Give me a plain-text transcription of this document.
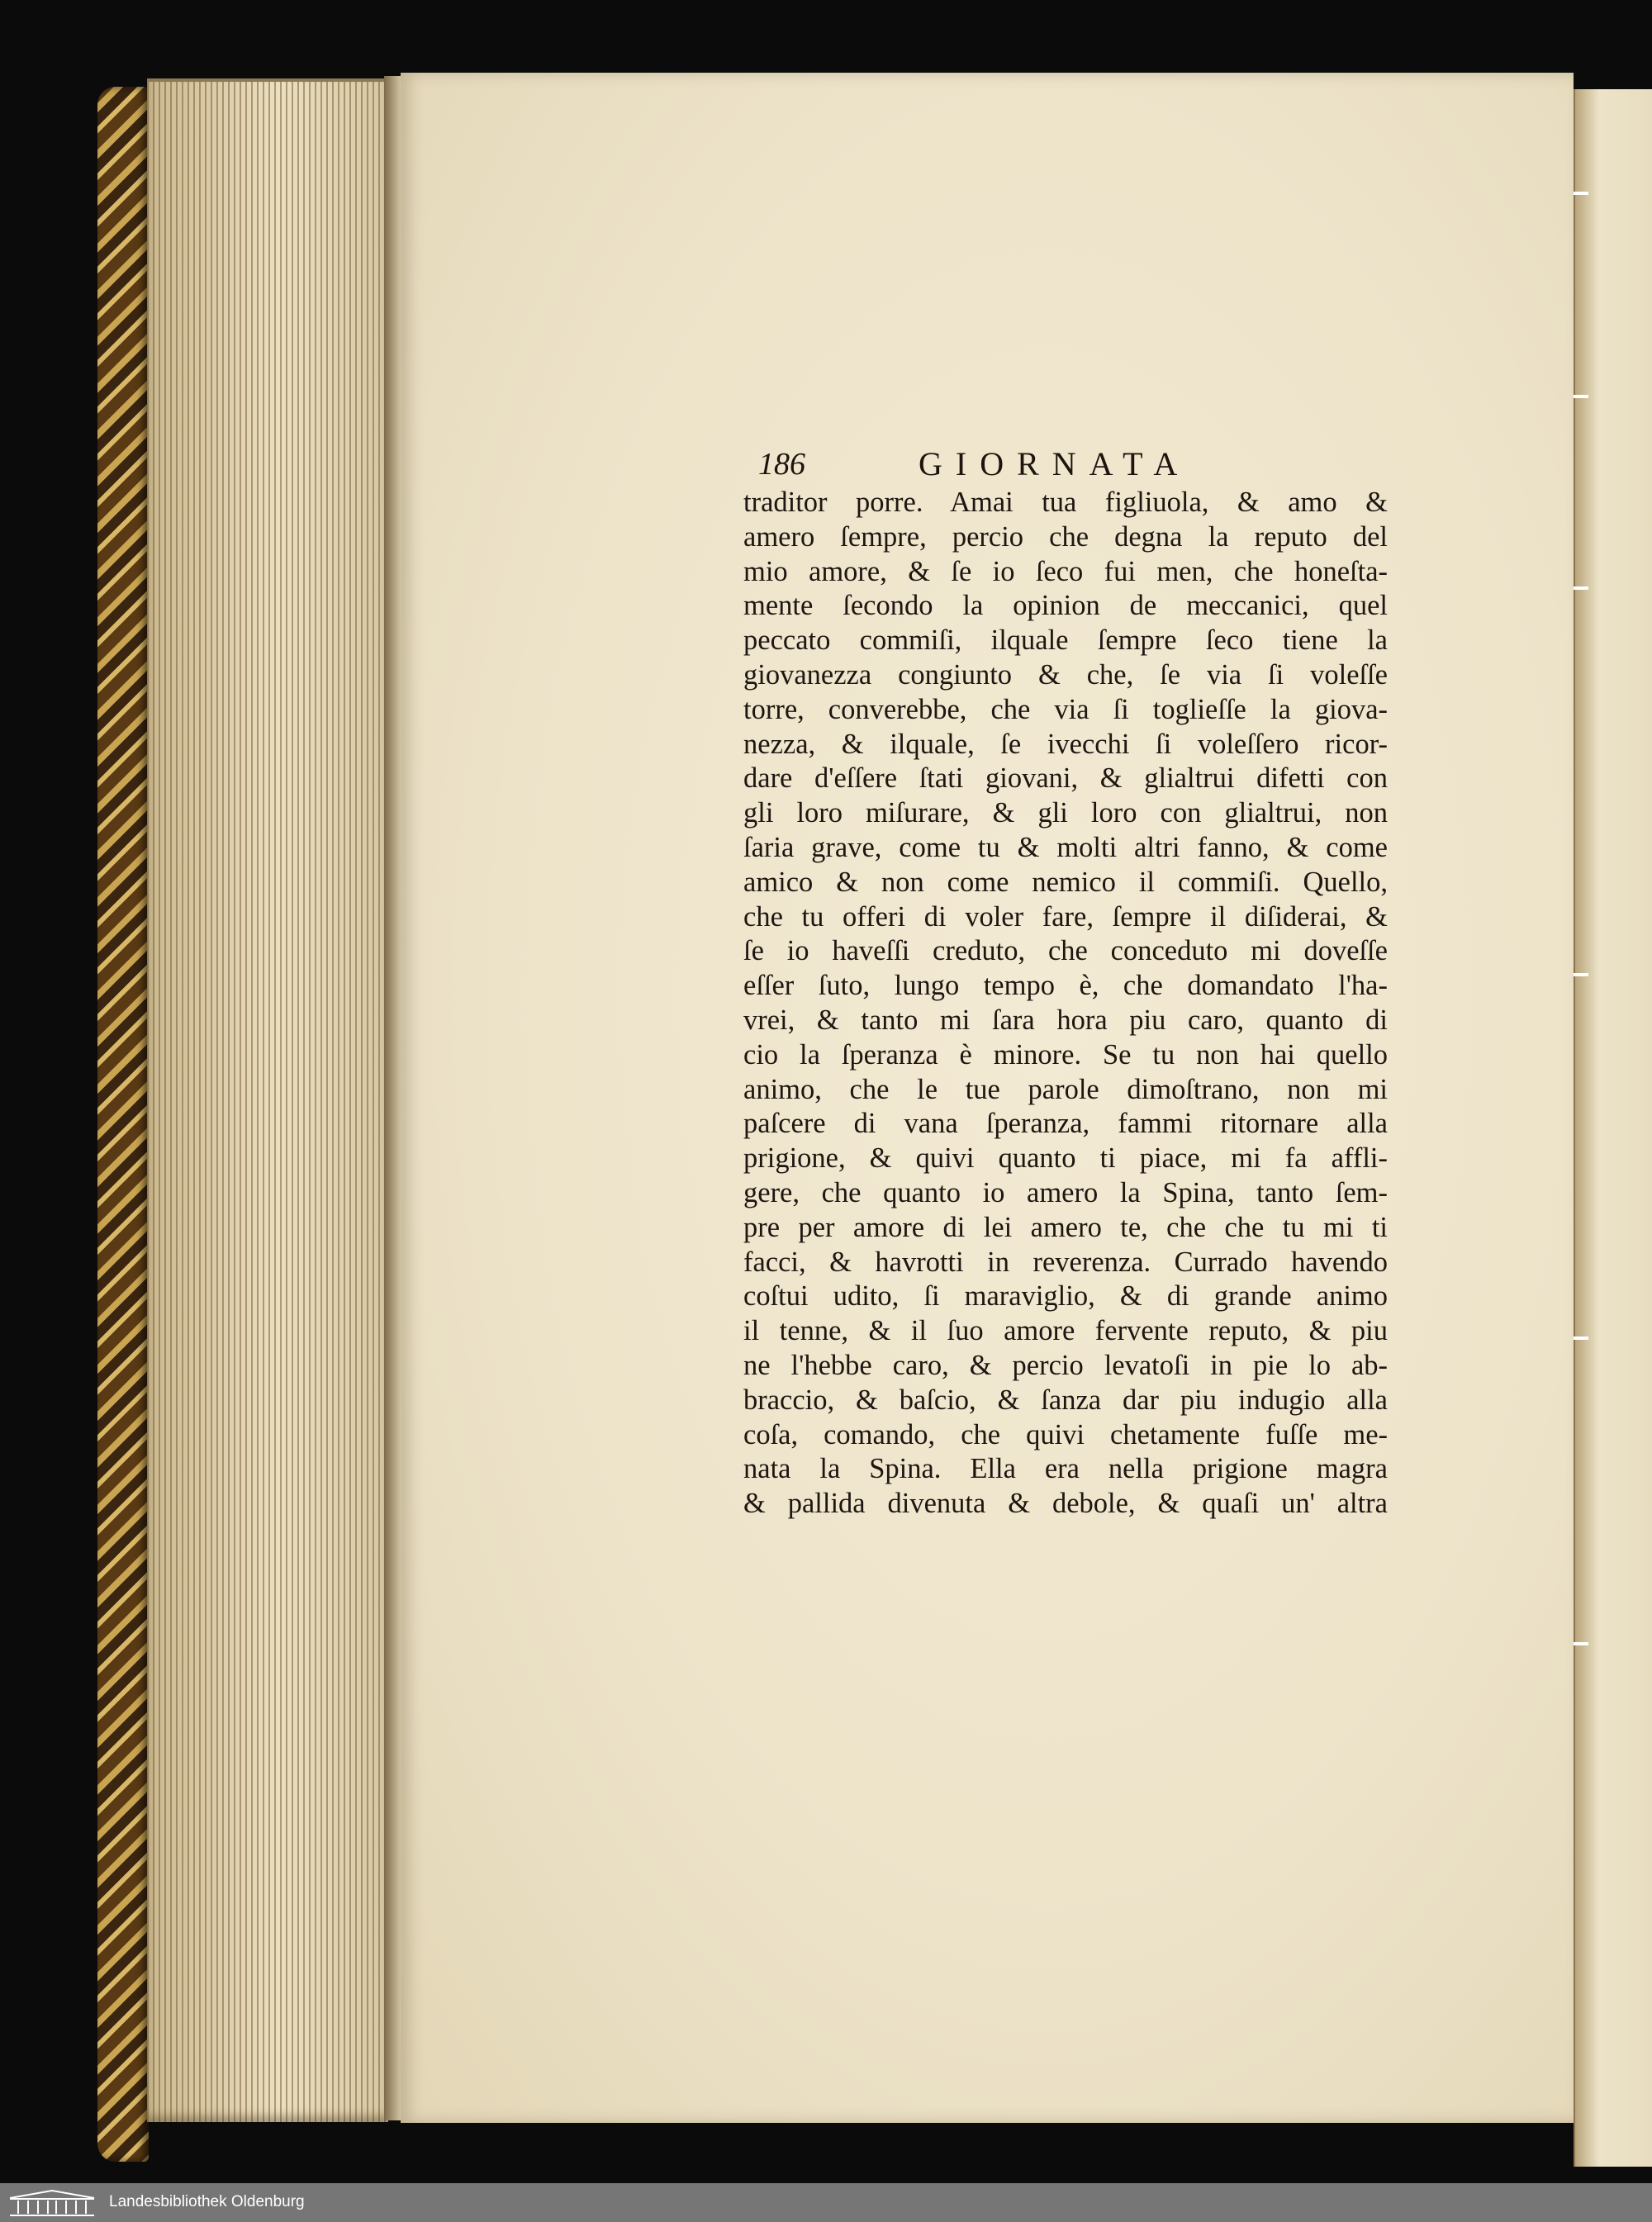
186	GIORNATA
traditor porre. Amai tua figliuola, & amo &
amero ſempre, percio che degna la reputo del
mio amore, & ſe io ſeco fui men, che honeſta-
mente ſecondo la opinion de meccanici, quel
peccato commiſi, ilquale ſempre ſeco tiene la
giovanezza congiunto & che, ſe via ſi voleſſe
torre, converebbe, che via ſi toglieſſe la giova-
nezza, & ilquale, ſe ivecchi ſi voleſſero ricor-
dare d'eſſere ſtati giovani, & glialtrui difetti con
gli loro miſurare, & gli loro con glialtrui, non
ſaria grave, come tu & molti altri fanno, & come
amico & non come nemico il commiſi. Quello,
che tu offeri di voler fare, ſempre il diſiderai, &
ſe io haveſſi creduto, che conceduto mi doveſſe
eſſer ſuto, lungo tempo è, che domandato l'ha-
vrei, & tanto mi ſara hora piu caro, quanto di
cio la ſperanza è minore. Se tu non hai quello
animo, che le tue parole dimoſtrano, non mi
paſcere di vana ſperanza, fammi ritornare alla
prigione, & quivi quanto ti piace, mi fa affli-
gere, che quanto io amero la Spina, tanto ſem-
pre per amore di lei amero te, che che tu mi ti
facci, & havrotti in reverenza. Currado havendo
coſtui udito, ſi maraviglio, & di grande animo
il tenne, & il ſuo amore fervente reputo, & piu
ne l'hebbe caro, & percio levatoſi in pie lo ab-
braccio, & baſcio, & ſanza dar piu indugio alla
coſa, comando, che quivi chetamente fuſſe me-
nata la Spina. Ella era nella prigione magra
& pallida divenuta & debole, & quaſi un' altra
Landesbibliothek Oldenburg
